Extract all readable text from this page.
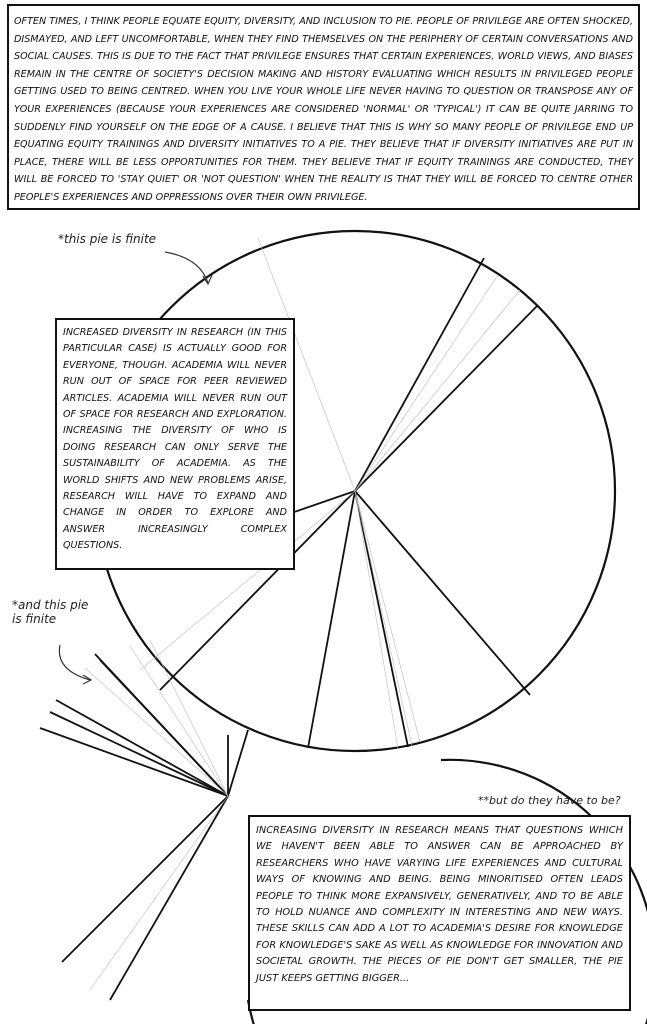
*this pie is finite
*and this pie is finite
**but do they have to be?
OFTEN TIMES, I THINK PEOPLE EQUATE EQUITY, DIVERSITY, AND INCLUSION TO PIE. PEOPLE OF PRIVILEGE ARE OFTEN SHOCKED, DISMAYED, AND LEFT UNCOMFORTABLE, WHEN THEY FIND THEMSELVES ON THE PERIPHERY OF CERTAIN CONVERSATIONS AND SOCIAL CAUSES. THIS IS DUE TO THE FACT THAT PRIVILEGE ENSURES THAT CERTAIN EXPERIENCES, WORLD VIEWS, AND BIASES REMAIN IN THE CENTRE OF SOCIETY'S DECISION MAKING AND HISTORY EVALUATING WHICH RESULTS IN PRIVILEGED PEOPLE GETTING USED TO BEING CENTRED. WHEN YOU LIVE YOUR WHOLE LIFE NEVER HAVING TO QUESTION OR TRANSPOSE ANY OF YOUR EXPERIENCES (BECAUSE YOUR EXPERIENCES ARE CONSIDERED 'NORMAL' OR 'TYPICAL') IT CAN BE QUITE JARRING TO SUDDENLY FIND YOURSELF ON THE EDGE OF A CAUSE. I BELIEVE THAT THIS IS WHY SO MANY PEOPLE OF PRIVILEGE END UP EQUATING EQUITY TRAININGS AND DIVERSITY INITIATIVES TO A PIE. THEY BELIEVE THAT IF DIVERSITY INITIATIVES ARE PUT IN PLACE, THERE WILL BE LESS OPPORTUNITIES FOR THEM. THEY BELIEVE THAT IF EQUITY TRAININGS ARE CONDUCTED, THEY WILL BE FORCED TO 'STAY QUIET' OR 'NOT QUESTION' WHEN THE REALITY IS THAT THEY WILL BE FORCED TO CENTRE OTHER PEOPLE'S EXPERIENCES AND OPPRESSIONS OVER THEIR OWN PRIVILEGE.
INCREASED DIVERSITY IN RESEARCH (IN THIS PARTICULAR CASE) IS ACTUALLY GOOD FOR EVERYONE, THOUGH. ACADEMIA WILL NEVER RUN OUT OF SPACE FOR PEER REVIEWED ARTICLES. ACADEMIA WILL NEVER RUN OUT OF SPACE FOR RESEARCH AND EXPLORATION. INCREASING THE DIVERSITY OF WHO IS DOING RESEARCH CAN ONLY SERVE THE SUSTAINABILITY OF ACADEMIA. AS THE WORLD SHIFTS AND NEW PROBLEMS ARISE, RESEARCH WILL HAVE TO EXPAND AND CHANGE IN ORDER TO EXPLORE AND ANSWER INCREASINGLY COMPLEX QUESTIONS.
INCREASING DIVERSITY IN RESEARCH MEANS THAT QUESTIONS WHICH WE HAVEN'T BEEN ABLE TO ANSWER CAN BE APPROACHED BY RESEARCHERS WHO HAVE VARYING LIFE EXPERIENCES AND CULTURAL WAYS OF KNOWING AND BEING. BEING MINORITISED OFTEN LEADS PEOPLE TO THINK MORE EXPANSIVELY, GENERATIVELY, AND TO BE ABLE TO HOLD NUANCE AND COMPLEXITY IN INTERESTING AND NEW WAYS. THESE SKILLS CAN ADD A LOT TO ACADEMIA'S DESIRE FOR KNOWLEDGE FOR KNOWLEDGE'S SAKE AS WELL AS KNOWLEDGE FOR INNOVATION AND SOCIETAL GROWTH. THE PIECES OF PIE DON'T GET SMALLER, THE PIE JUST KEEPS GETTING BIGGER...
